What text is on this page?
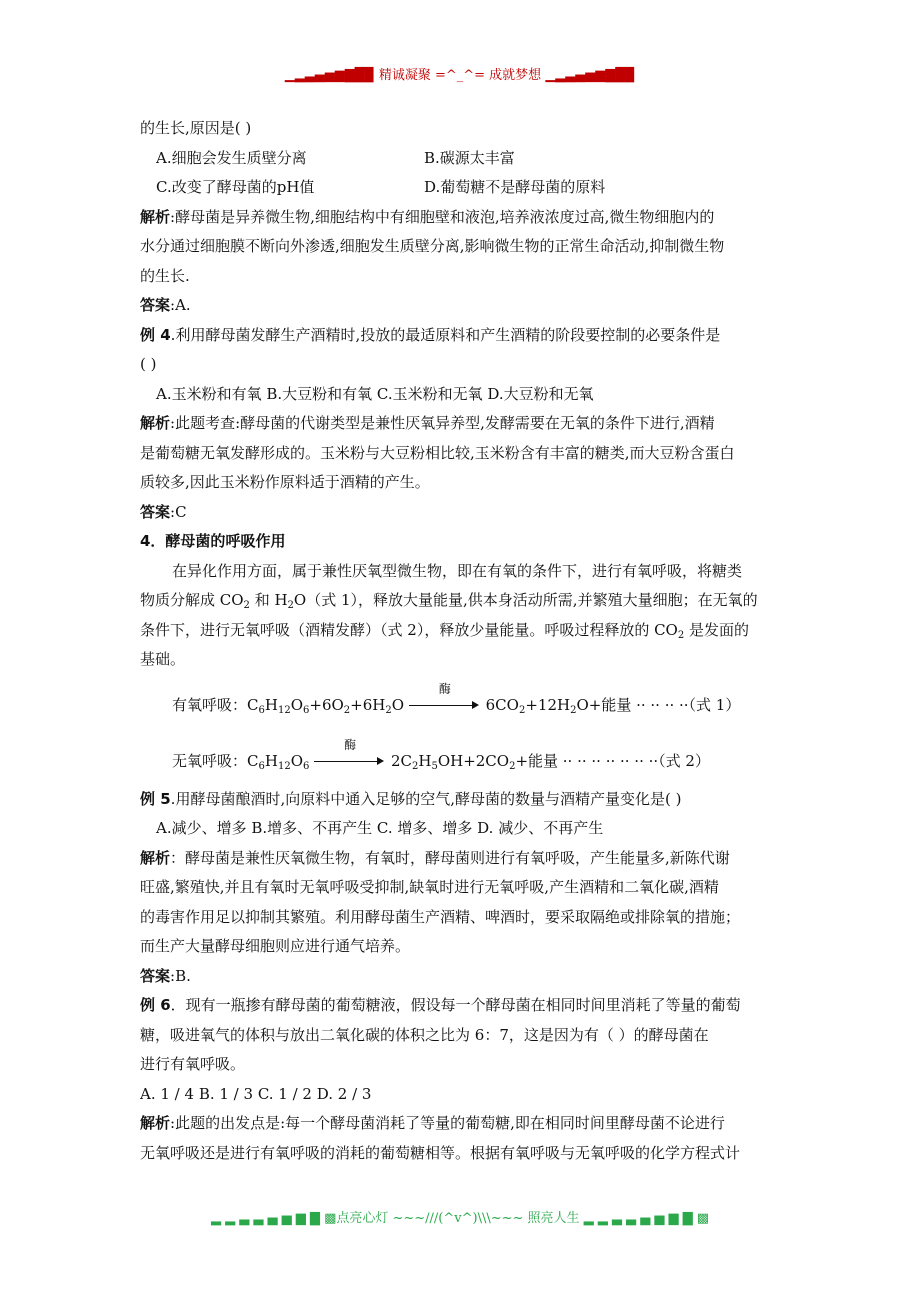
▁▂▃▄▅▆▇█▉ 精诚凝聚 =^_^= 成就梦想 ▁▂▃▄▅▆▇█▉
的生长,原因是( )
A.细胞会发生质壁分离	B.碳源太丰富
C.改变了酵母菌的pH值	D.葡萄糖不是酵母菌的原料
解析:酵母菌是异养微生物,细胞结构中有细胞壁和液泡,培养液浓度过高,微生物细胞内的
水分通过细胞膜不断向外渗透,细胞发生质壁分离,影响微生物的正常生命活动,抑制微生物
的生长.
答案:A.
例 4.利用酵母菌发酵生产酒精时,投放的最适原料和产生酒精的阶段要控制的必要条件是
( )
A.玉米粉和有氧 B.大豆粉和有氧 C.玉米粉和无氧 D.大豆粉和无氧
解析:此题考查:酵母菌的代谢类型是兼性厌氧异养型,发酵需要在无氧的条件下进行,酒精
是葡萄糖无氧发酵形成的。玉米粉与大豆粉相比较,玉米粉含有丰富的糖类,而大豆粉含蛋白
质较多,因此玉米粉作原料适于酒精的产生。
答案:C
4．酵母菌的呼吸作用
在异化作用方面，属于兼性厌氧型微生物，即在有氧的条件下，进行有氧呼吸，将糖类
物质分解成 $CO_2$ 和 $H_2O$（式 1），释放大量能量,供本身活动所需,并繁殖大量细胞；在无氧的
条件下，进行无氧呼吸（酒精发酵）（式 2），释放少量能量。呼吸过程释放的 $CO_2$ 是发面的
基础。
有氧呼吸：$C_6H_{12}O_6+6O_2+6H_2O$
酶
$6CO_2+12H_2O+$能量 ·· ·· ·· ··（式 1）
无氧呼吸：$C_6H_{12}O_6$
酶
$2C_2H_5OH+2CO_2+$能量 ·· ·· ·· ·· ·· ·· ··（式 2）
例 5.用酵母菌酿酒时,向原料中通入足够的空气,酵母菌的数量与酒精产量变化是( )
A.减少、增多 B.增多、不再产生 C. 增多、增多 D. 减少、不再产生
解析：酵母菌是兼性厌氧微生物，有氧时，酵母菌则进行有氧呼吸，产生能量多,新陈代谢
旺盛,繁殖快,并且有氧时无氧呼吸受抑制,缺氧时进行无氧呼吸,产生酒精和二氧化碳,酒精
的毒害作用足以抑制其繁殖。利用酵母菌生产酒精、啤酒时，要采取隔绝或排除氧的措施；
而生产大量酵母细胞则应进行通气培养。
答案:B.
例 6．现有一瓶掺有酵母菌的葡萄糖液，假设每一个酵母菌在相同时间里消耗了等量的葡萄
糖，吸进氧气的体积与放出二氧化碳的体积之比为 6：7，这是因为有（ ）的酵母菌在
进行有氧呼吸。
A. 1 / 4 B. 1 / 3 C. 1 / 2 D. 2 / 3
解析:此题的出发点是:每一个酵母菌消耗了等量的葡萄糖,即在相同时间里酵母菌不论进行
无氧呼吸还是进行有氧呼吸的消耗的葡萄糖相等。根据有氧呼吸与无氧呼吸的化学方程式计
▂ ▂ ▃ ▃ ▄ ▅ ▆ ▇ ▩点亮心灯 ~~~///(^v^)\\\~~~ 照亮人生 ▂ ▂ ▃ ▃ ▄ ▅ ▆ ▇ ▩
